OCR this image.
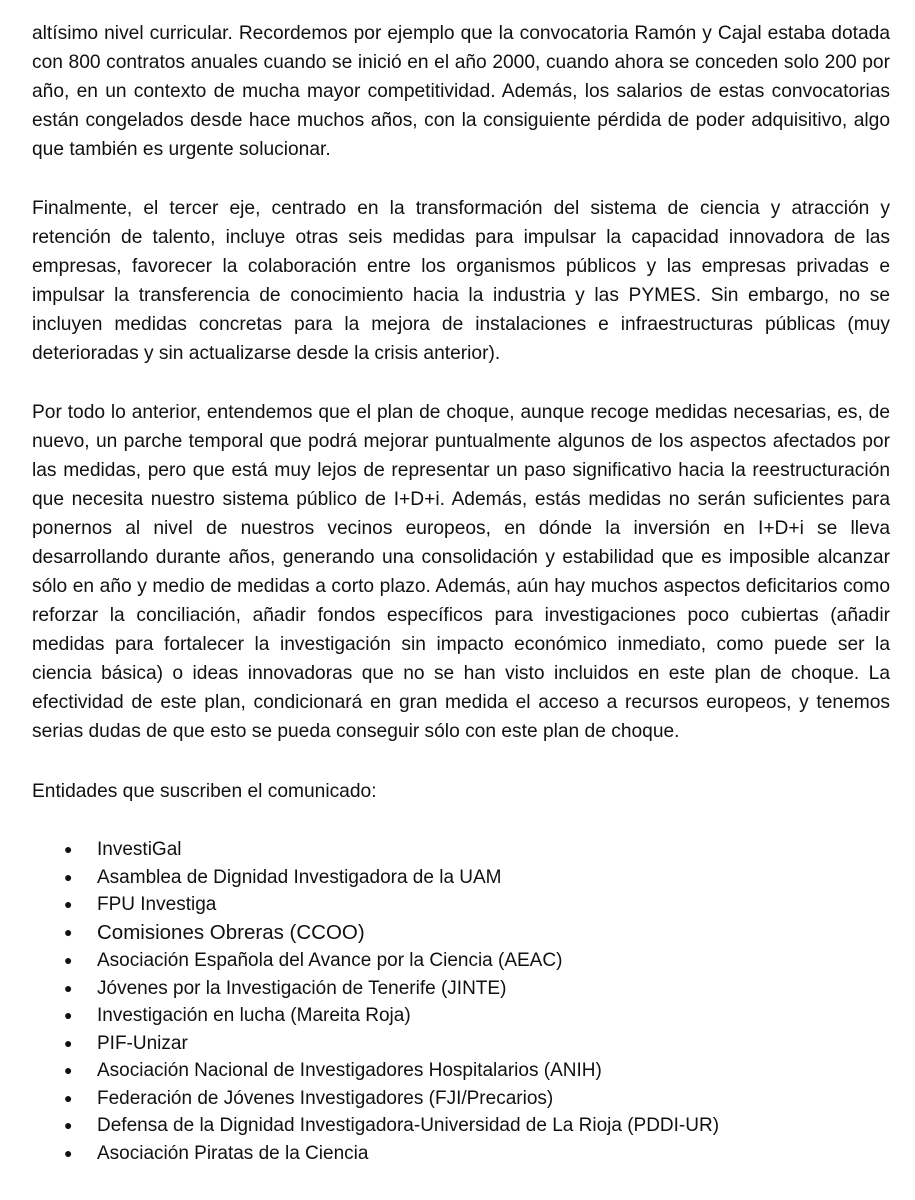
altísimo nivel curricular. Recordemos por ejemplo que la convocatoria Ramón y Cajal estaba dotada con 800 contratos anuales cuando se inició en el año 2000, cuando ahora se conceden solo 200 por año, en un contexto de mucha mayor competitividad. Además, los salarios de estas convocatorias están congelados desde hace muchos años, con la consiguiente pérdida de poder adquisitivo, algo que también es urgente solucionar.

Finalmente, el tercer eje, centrado en la transformación del sistema de ciencia y atracción y retención de talento, incluye otras seis medidas para impulsar la capacidad innovadora de las empresas, favorecer la colaboración entre los organismos públicos y las empresas privadas e impulsar la transferencia de conocimiento hacia la industria y las PYMES. Sin embargo, no se incluyen medidas concretas para la mejora de instalaciones e infraestructuras públicas (muy deterioradas y sin actualizarse desde la crisis anterior).

Por todo lo anterior, entendemos que el plan de choque, aunque recoge medidas necesarias, es, de nuevo, un parche temporal que podrá mejorar puntualmente algunos de los aspectos afectados por las medidas, pero que está muy lejos de representar un paso significativo hacia la reestructuración que necesita nuestro sistema público de I+D+i. Además, estás medidas no serán suficientes para ponernos al nivel de nuestros vecinos europeos, en dónde la inversión en I+D+i se lleva desarrollando durante años, generando una consolidación y estabilidad que es imposible alcanzar sólo en año y medio de medidas a corto plazo. Además, aún hay muchos aspectos deficitarios como reforzar la conciliación, añadir fondos específicos para investigaciones poco cubiertas (añadir medidas para fortalecer la investigación sin impacto económico inmediato, como puede ser la ciencia básica) o ideas innovadoras que no se han visto incluidos en este plan de choque. La efectividad de este plan, condicionará en gran medida el acceso a recursos europeos, y tenemos serias dudas de que esto se pueda conseguir sólo con este plan de choque.

Entidades que suscriben el comunicado:

● InvestiGal
● Asamblea de Dignidad Investigadora de la UAM
● FPU Investiga
● Comisiones Obreras (CCOO)
● Asociación Española del Avance por la Ciencia (AEAC)
● Jóvenes por la Investigación de Tenerife (JINTE)
● Investigación en lucha (Mareita Roja)
● PIF-Unizar
● Asociación Nacional de Investigadores Hospitalarios (ANIH)
● Federación de Jóvenes Investigadores (FJI/Precarios)
● Defensa de la Dignidad Investigadora-Universidad de La Rioja (PDDI-UR)
● Asociación Piratas de la Ciencia
